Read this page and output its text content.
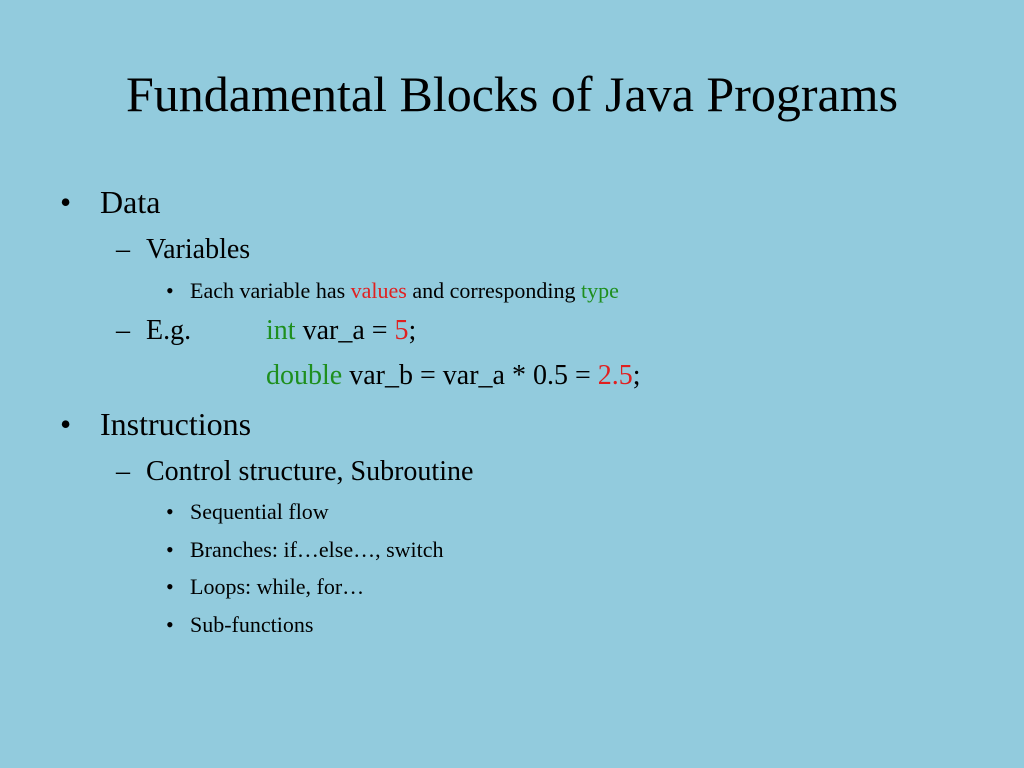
Fundamental Blocks of Java Programs
• Data
– Variables
• Each variable has values and corresponding type
– E.g.	int var_a = 5;
double var_b = var_a * 0.5 = 2.5;
• Instructions
– Control structure, Subroutine
• Sequential flow
• Branches: if…else…, switch
• Loops: while, for…
• Sub-functions
